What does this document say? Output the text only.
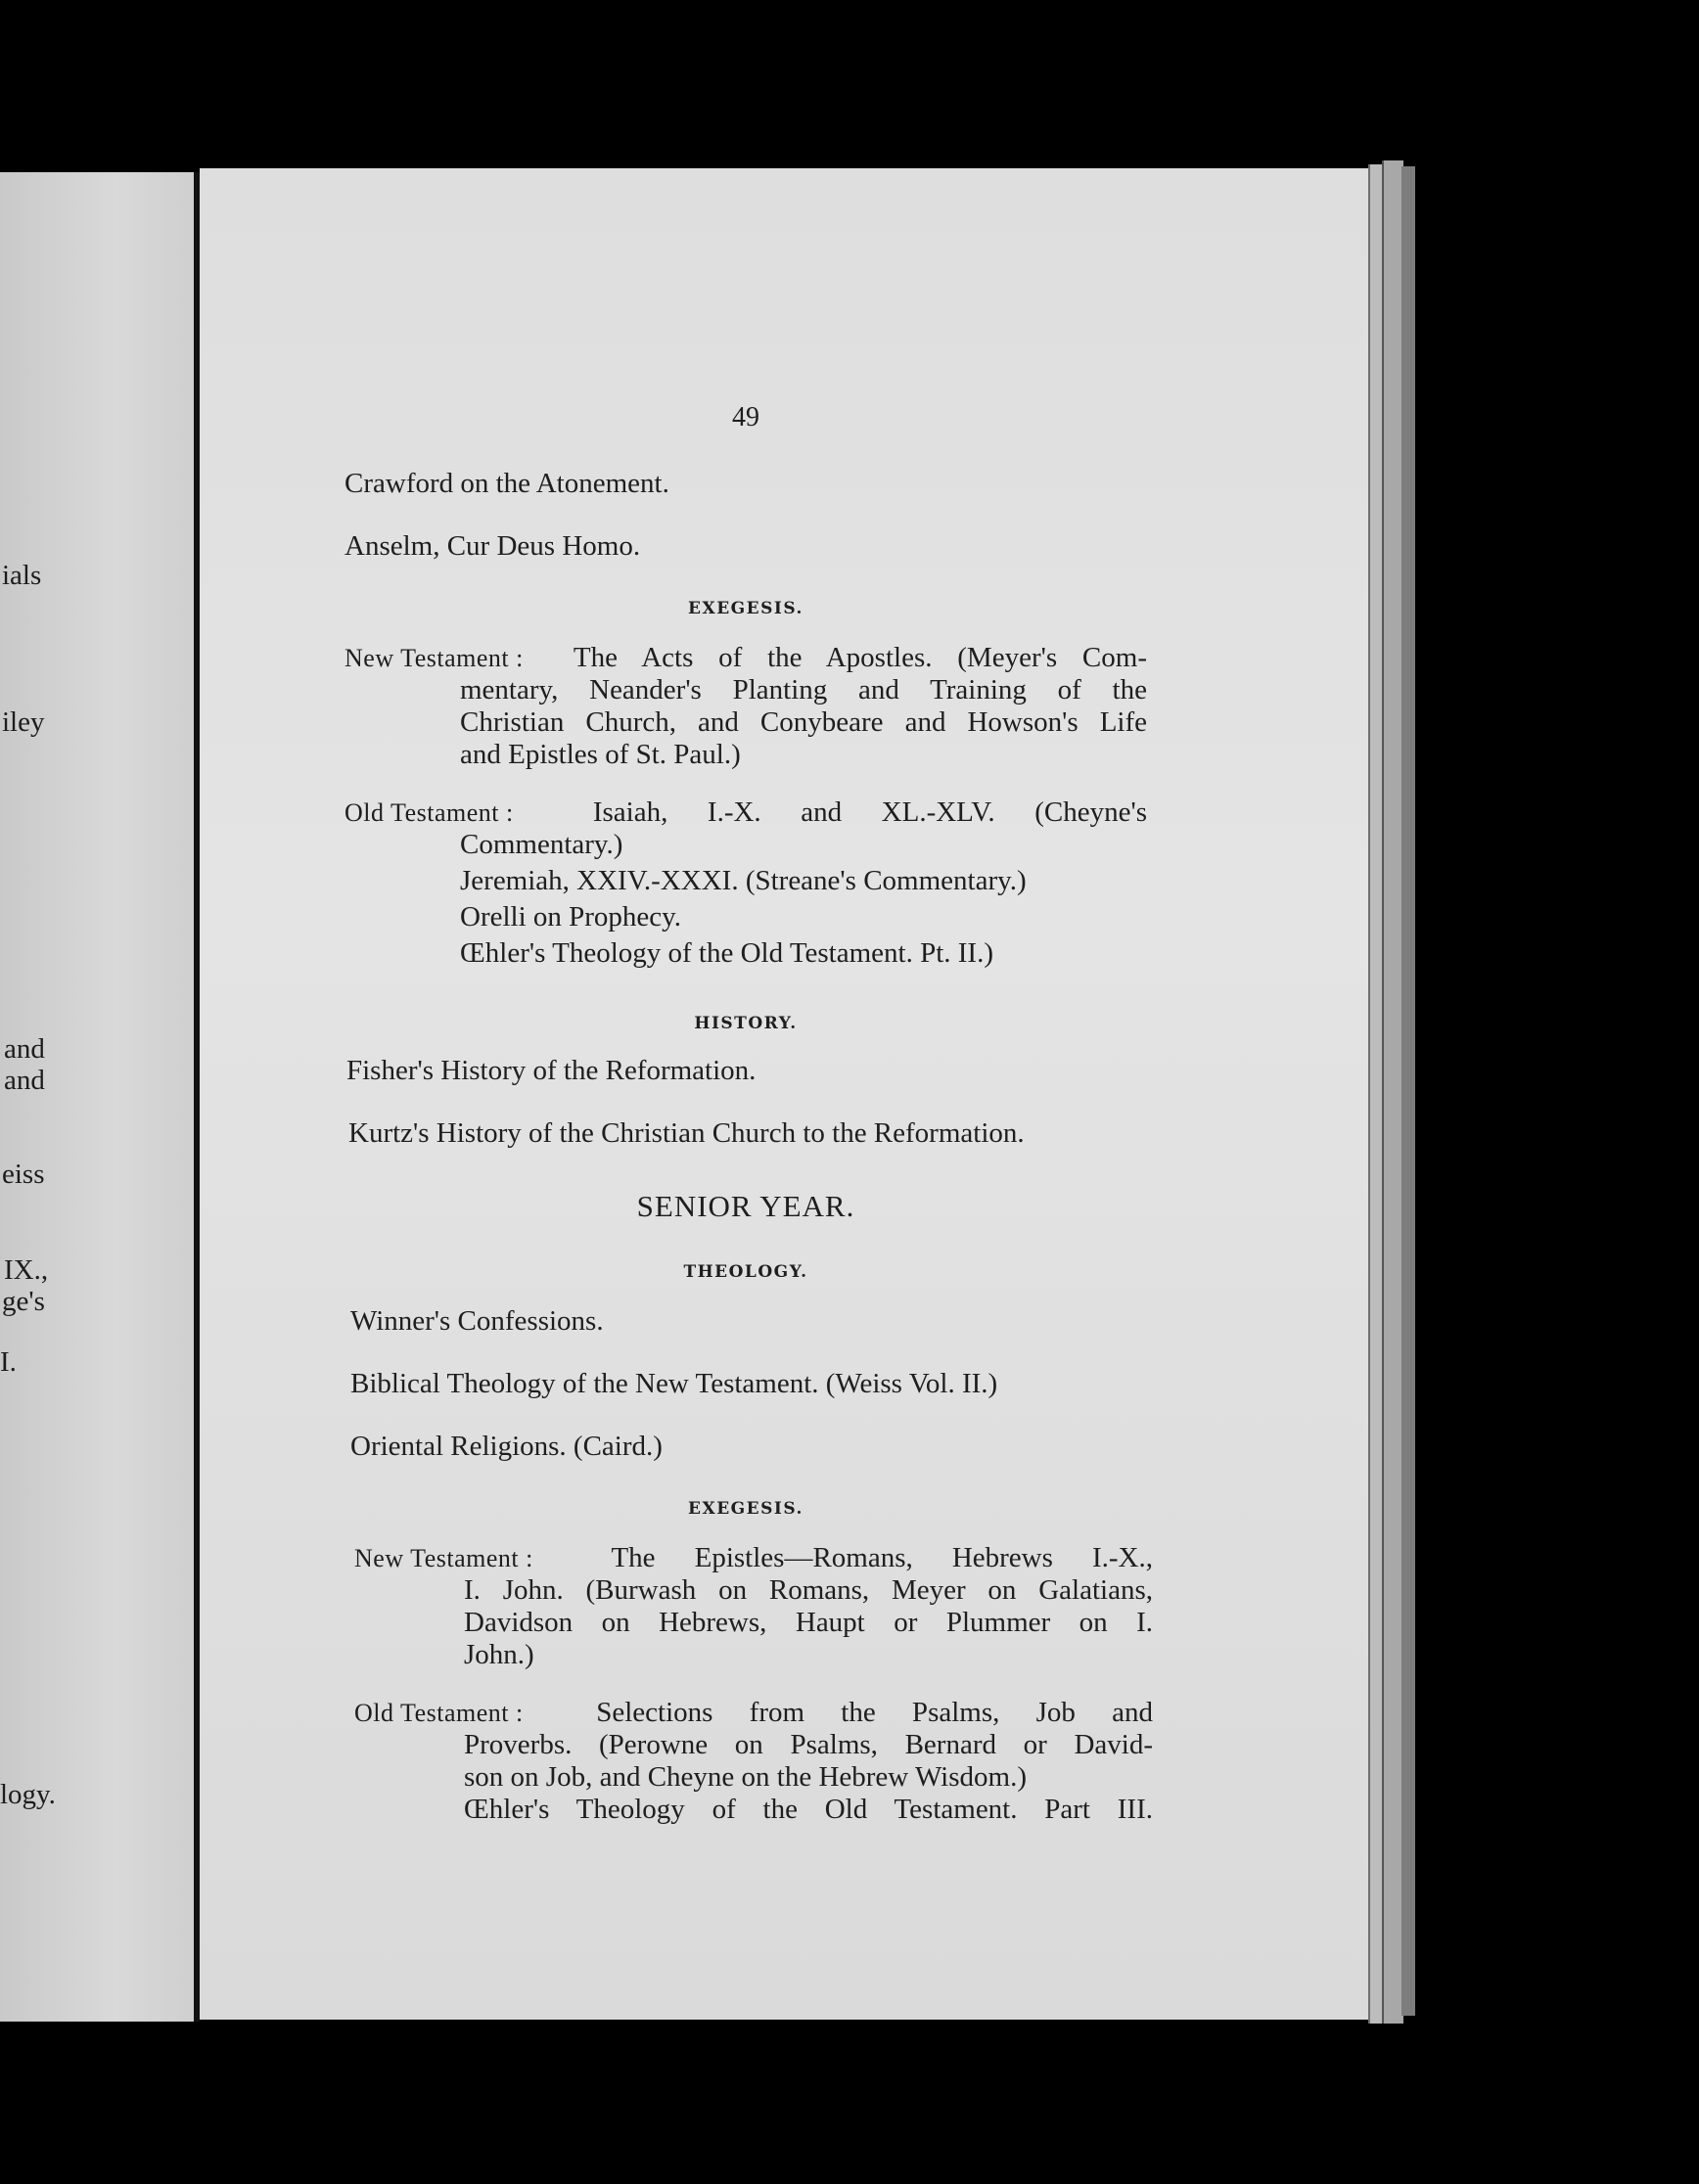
ials
iley
and
and
eiss
IX.,
ge's
I.
logy.
49
Crawford on the Atonement.
Anselm, Cur Deus Homo.
EXEGESIS.
New Testament : The Acts of the Apostles. (Meyer's Com-
mentary, Neander's Planting and Training of the
Christian Church, and Conybeare and Howson's Life
and Epistles of St. Paul.)
Old Testament :	Isaiah, I.-X. and XL.-XLV. (Cheyne's
Commentary.)
Jeremiah, XXIV.-XXXI. (Streane's Commentary.)
Orelli on Prophecy.
Œhler's Theology of the Old Testament. Pt. II.)
HISTORY.
Fisher's History of the Reformation.
Kurtz's History of the Christian Church to the Reformation.
SENIOR YEAR.
THEOLOGY.
Winner's Confessions.
Biblical Theology of the New Testament. (Weiss Vol. II.)
Oriental Religions. (Caird.)
EXEGESIS.
New Testament :	The Epistles—Romans, Hebrews I.-X.,
I. John. (Burwash on Romans, Meyer on Galatians,
Davidson on Hebrews, Haupt or Plummer on I.
John.)
Old Testament :	Selections from the Psalms, Job and
Proverbs. (Perowne on Psalms, Bernard or David-
son on Job, and Cheyne on the Hebrew Wisdom.)
Œhler's Theology of the Old Testament. Part III.
